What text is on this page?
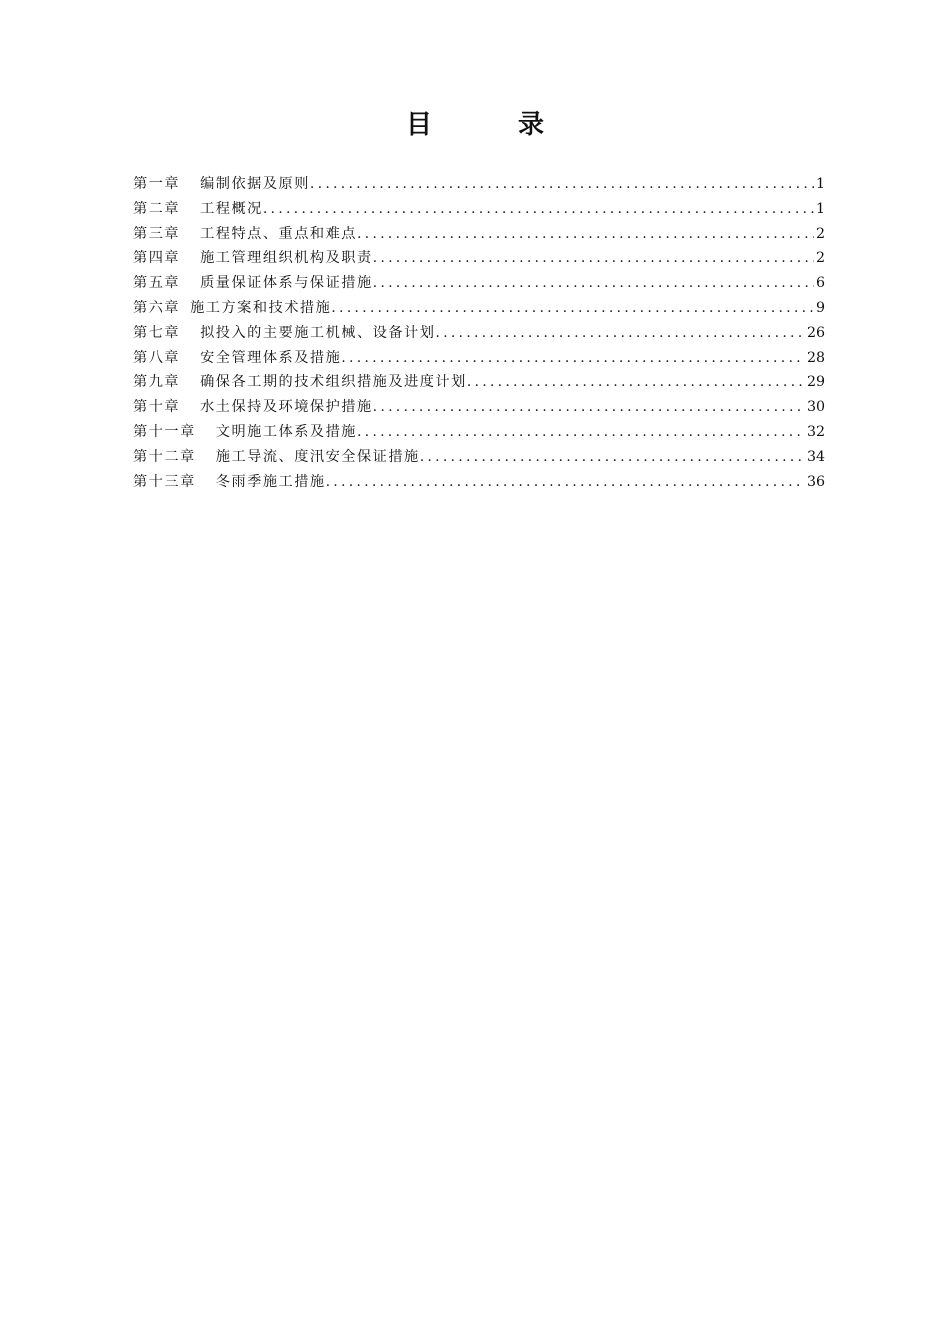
目　录
第一章 编制依据及原则 .....	1
第二章 工程概况 .....	1
第三章 工程特点、重点和难点 .....	2
第四章 施工管理组织机构及职责 .....	2
第五章 质量保证体系与保证措施 .....	6
第六章 施工方案和技术措施 .....	9
第七章 拟投入的主要施工机械、设备计划 .....	26
第八章 安全管理体系及措施 .....	28
第九章 确保各工期的技术组织措施及进度计划 .....	29
第十章 水土保持及环境保护措施 .....	30
第十一章 文明施工体系及措施 .....	32
第十二章 施工导流、度汛安全保证措施 .....	34
第十三章 冬雨季施工措施 .....	36
